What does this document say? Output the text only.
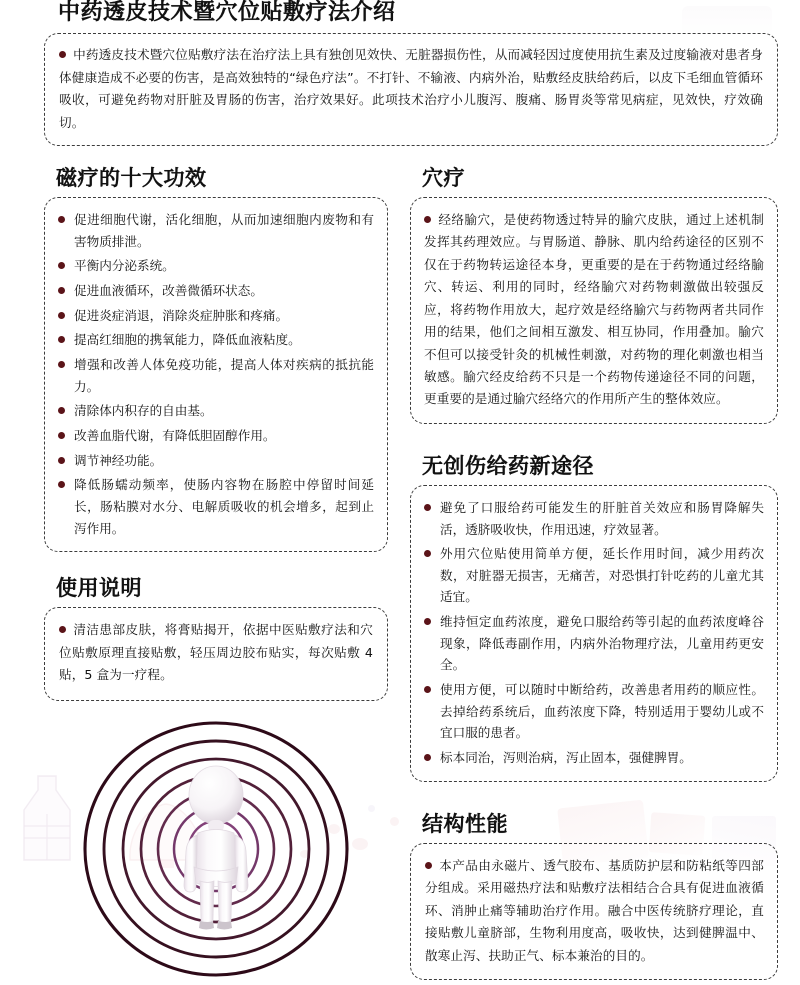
中药透皮技术暨穴位贴敷疗法介绍

中药透皮技术暨穴位贴敷疗法在治疗法上具有独创见效快、无脏器损伤性，从而减轻因过度使用抗生素及过度输液对患者身体健康造成不必要的伤害，是高效独特的“绿色疗法”。不打针、不输液、内病外治，贴敷经皮肤给药后，以皮下毛细血管循环吸收，可避免药物对肝脏及胃肠的伤害，治疗效果好。此项技术治疗小儿腹泻、腹痛、肠胃炎等常见病症，见效快，疗效确切。

磁疗的十大功效
促进细胞代谢，活化细胞，从而加速细胞内废物和有害物质排泄。
平衡内分泌系统。
促进血液循环，改善微循环状态。
促进炎症消退，消除炎症肿胀和疼痛。
提高红细胞的携氧能力，降低血液粘度。
增强和改善人体免疫功能，提高人体对疾病的抵抗能力。
清除体内积存的自由基。
改善血脂代谢，有降低胆固醇作用。
调节神经功能。
降低肠蠕动频率，使肠内容物在肠腔中停留时间延长，肠粘膜对水分、电解质吸收的机会增多，起到止泻作用。
使用说明

清洁患部皮肤，将膏贴揭开，依据中医贴敷疗法和穴位贴敷原理直接贴敷，轻压周边胶布贴实，每次贴敷 4 贴，5 盒为一疗程。

穴疗

经络腧穴，是使药物透过特异的腧穴皮肤，通过上述机制发挥其药理效应。与胃肠道、静脉、肌内给药途径的区别不仅在于药物转运途径本身，更重要的是在于药物通过经络腧穴、转运、利用的同时，经络腧穴对药物刺激做出较强反应，将药物作用放大，起疗效是经络腧穴与药物两者共同作用的结果，他们之间相互激发、相互协同，作用叠加。腧穴不但可以接受针灸的机械性刺激，对药物的理化刺激也相当敏感。腧穴经皮给药不只是一个药物传递途径不同的问题，更重要的是通过腧穴经络穴的作用所产生的整体效应。

无创伤给药新途径
避免了口服给药可能发生的肝脏首关效应和肠胃降解失活，透脐吸收快，作用迅速，疗效显著。
外用穴位贴使用简单方便，延长作用时间，减少用药次数，对脏器无损害，无痛苦，对恐惧打针吃药的儿童尤其适宜。
维持恒定血药浓度，避免口服给药等引起的血药浓度峰谷现象，降低毒副作用，内病外治物理疗法，儿童用药更安全。
使用方便，可以随时中断给药，改善患者用药的顺应性。去掉给药系统后，血药浓度下降，特别适用于婴幼儿或不宜口服的患者。
标本同治，泻则治病，泻止固本，强健脾胃。
结构性能

本产品由永磁片、透气胶布、基质防护层和防粘纸等四部分组成。采用磁热疗法和贴敷疗法相结合合具有促进血液循环、消肿止痛等辅助治疗作用。融合中医传统脐疗理论，直接贴敷儿童脐部，生物利用度高，吸收快，达到健脾温中、散寒止泻、扶助正气、标本兼治的目的。
